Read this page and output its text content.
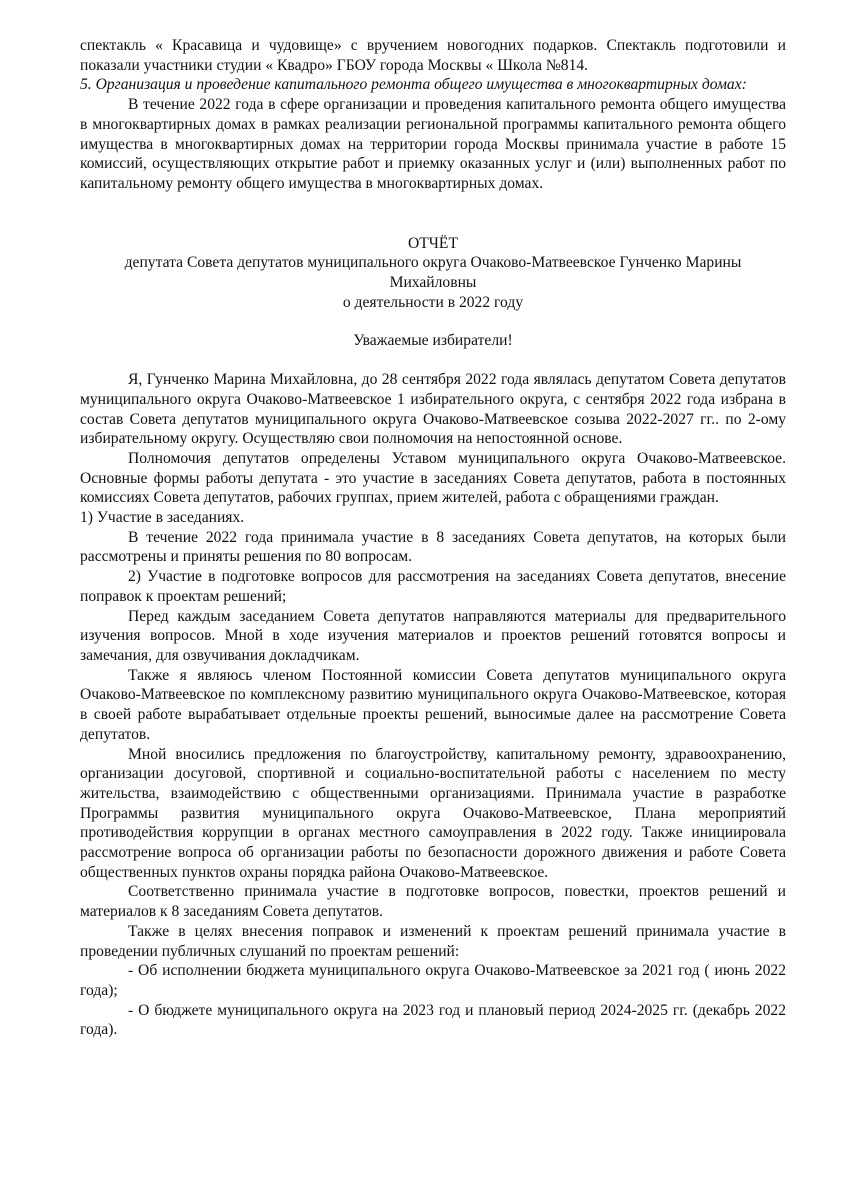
спектакль « Красавица и чудовище» с вручением новогодних подарков. Спектакль подготовили и показали участники студии « Квадро» ГБОУ города Москвы « Школа №814.

5. Организация и проведение капитального ремонта общего имущества в многоквартирных домах:

В течение 2022 года в сфере организации и проведения капитального ремонта общего имущества в многоквартирных домах в рамках реализации региональной программы капитального ремонта общего имущества в многоквартирных домах на территории города Москвы принимала участие в работе 15 комиссий, осуществляющих открытие работ и приемку оказанных услуг и (или) выполненных работ по капитальному ремонту общего имущества в многоквартирных домах.

ОТЧЁТ

депутата Совета депутатов муниципального округа Очаково-Матвеевское Гунченко Марины Михайловны

о деятельности в 2022 году

Уважаемые избиратели!

Я, Гунченко Марина Михайловна, до 28 сентября 2022 года являлась депутатом Совета депутатов муниципального округа Очаково-Матвеевское 1 избирательного округа, с сентября 2022 года избрана в состав Совета депутатов муниципального округа Очаково-Матвеевское созыва 2022-2027 гг.. по 2-ому избирательному округу. Осуществляю свои полномочия на непостоянной основе.

Полномочия депутатов определены Уставом муниципального округа Очаково-Матвеевское. Основные формы работы депутата - это участие в заседаниях Совета депутатов, работа в постоянных комиссиях Совета депутатов, рабочих группах, прием жителей, работа с обращениями граждан.

1) Участие в заседаниях.

В течение 2022 года принимала участие в 8 заседаниях Совета депутатов, на которых были рассмотрены и приняты решения по 80 вопросам.

2) Участие в подготовке вопросов для рассмотрения на заседаниях Совета депутатов, внесение поправок к проектам решений;

Перед каждым заседанием Совета депутатов направляются материалы для предварительного изучения вопросов. Мной в ходе изучения материалов и проектов решений готовятся вопросы и замечания, для озвучивания докладчикам.

Также я являюсь членом Постоянной комиссии Совета депутатов муниципального округа Очаково-Матвеевское по комплексному развитию муниципального округа Очаково-Матвеевское, которая в своей работе вырабатывает отдельные проекты решений, выносимые далее на рассмотрение Совета депутатов.

Мной вносились предложения по благоустройству, капитальному ремонту, здравоохранению, организации досуговой, спортивной и социально-воспитательной работы с населением по месту жительства, взаимодействию с общественными организациями. Принимала участие в разработке Программы развития муниципального округа Очаково-Матвеевское, Плана мероприятий противодействия коррупции в органах местного самоуправления в 2022 году. Также инициировала рассмотрение вопроса об организации работы по безопасности дорожного движения и работе Совета общественных пунктов охраны порядка района Очаково-Матвеевское.

Соответственно принимала участие в подготовке вопросов, повестки, проектов решений и материалов к 8 заседаниям Совета депутатов.

Также в целях внесения поправок и изменений к проектам решений принимала участие в проведении публичных слушаний по проектам решений:

- Об исполнении бюджета муниципального округа Очаково-Матвеевское за 2021 год ( июнь 2022 года);

- О бюджете муниципального округа на 2023 год и плановый период 2024-2025 гг. (декабрь 2022 года).
